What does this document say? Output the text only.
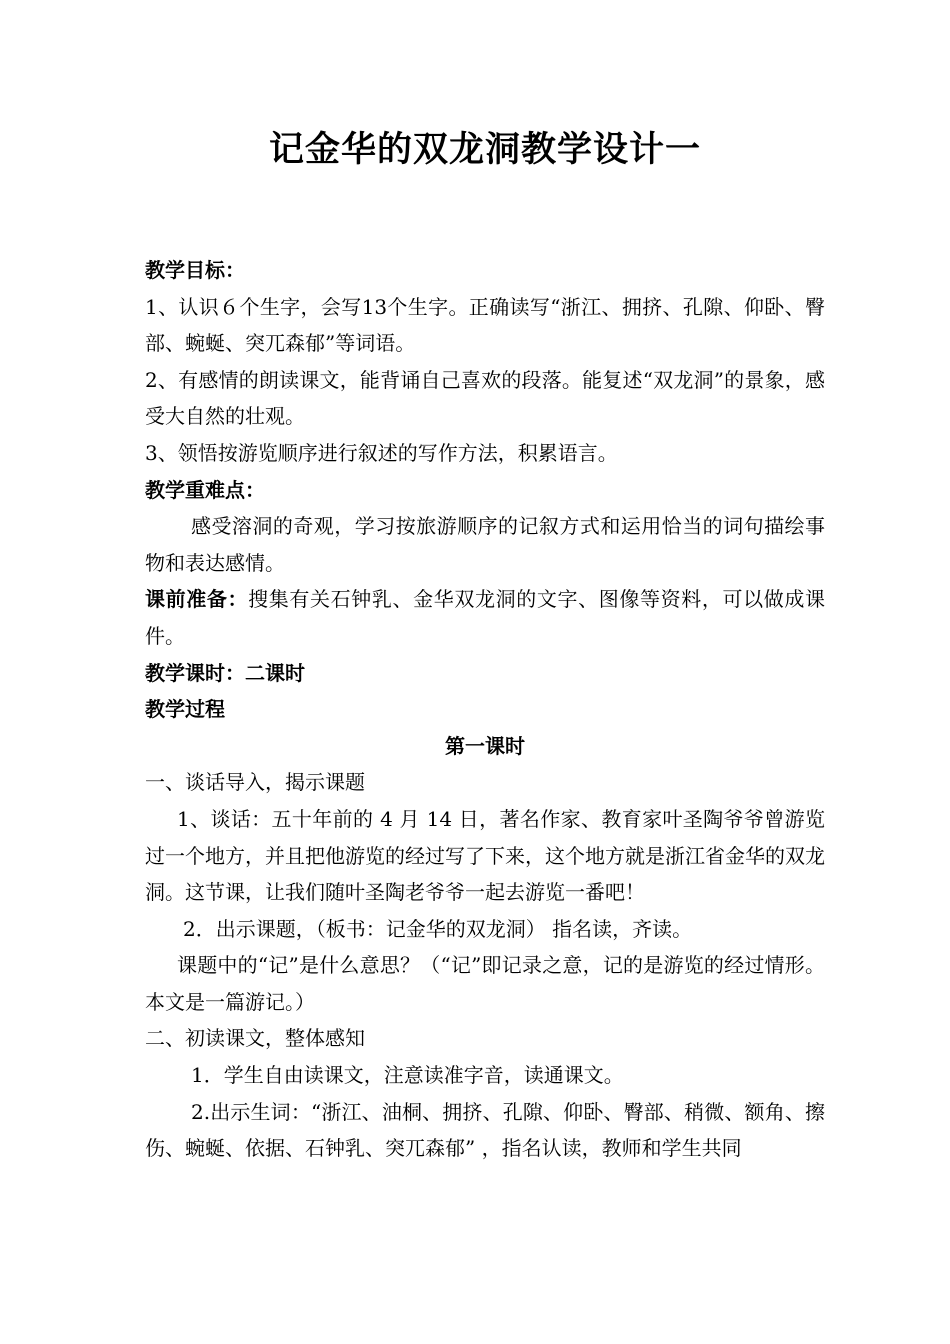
记金华的双龙洞教学设计一

教学目标：

1、认识６个生字，会写13个生字。正确读写“浙江、拥挤、孔隙、仰卧、臀部、蜿蜒、突兀森郁”等词语。

2、有感情的朗读课文，能背诵自己喜欢的段落。能复述“双龙洞”的景象，感受大自然的壮观。

3、领悟按游览顺序进行叙述的写作方法，积累语言。

教学重难点：

感受溶洞的奇观，学习按旅游顺序的记叙方式和运用恰当的词句描绘事物和表达感情。

课前准备：搜集有关石钟乳、金华双龙洞的文字、图像等资料，可以做成课件。

教学课时：二课时

教学过程

第一课时

一、谈话导入，揭示课题

1、谈话：五十年前的 4 月 14 日，著名作家、教育家叶圣陶爷爷曾游览过一个地方，并且把他游览的经过写了下来，这个地方就是浙江省金华的双龙洞。这节课，让我们随叶圣陶老爷爷一起去游览一番吧！

2．出示课题，（板书：记金华的双龙洞） 指名读，齐读。

课题中的“记”是什么意思？（“记”即记录之意，记的是游览的经过情形。本文是一篇游记。）

二、初读课文，整体感知

1．学生自由读课文，注意读准字音，读通课文。

2.出示生词：“浙江、油桐、拥挤、孔隙、仰卧、臀部、稍微、额角、擦伤、蜿蜒、依据、石钟乳、突兀森郁” ，指名认读，教师和学生共同
